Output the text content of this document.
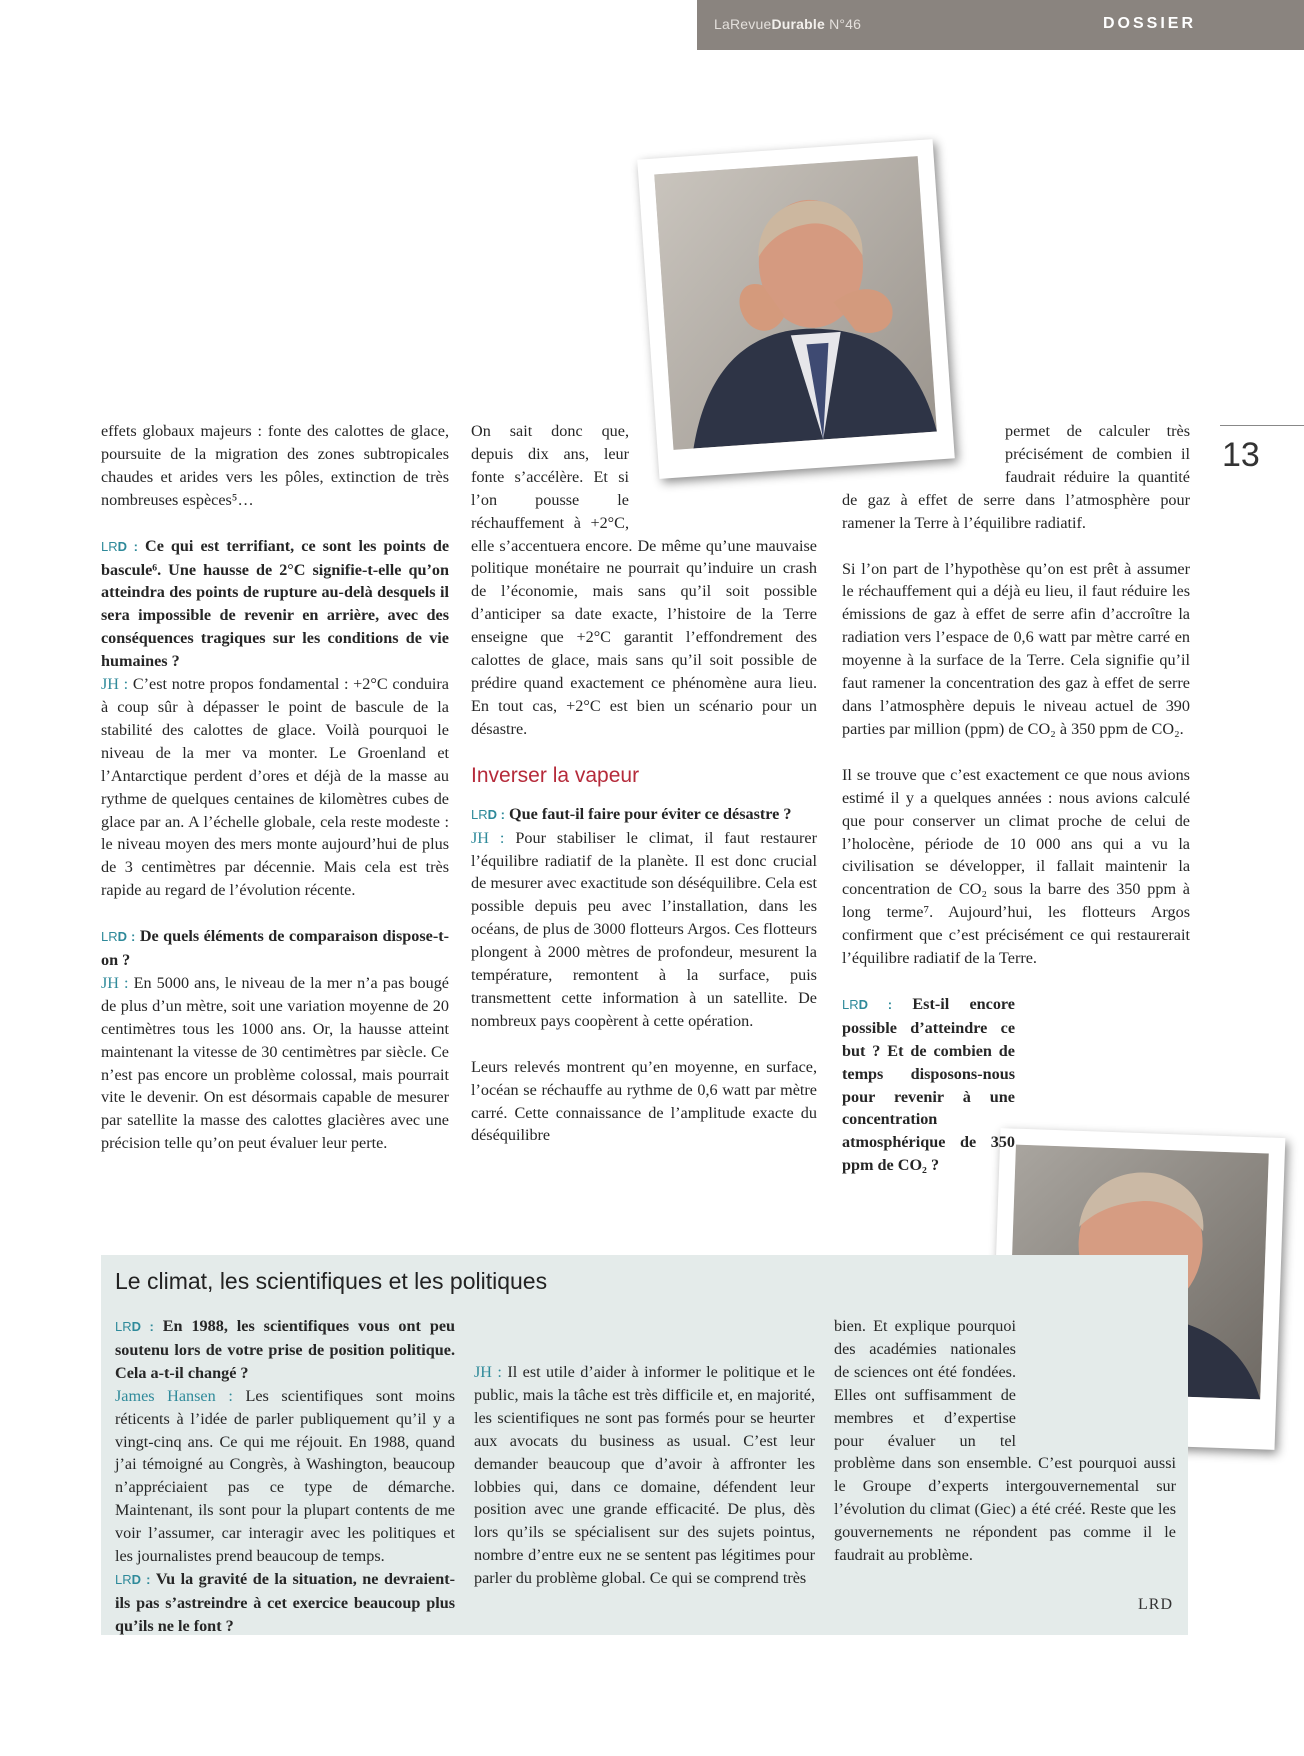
LaRevueDurable N°46	DOSSIER
13

effets globaux majeurs : fonte des calottes de glace, poursuite de la migration des zones subtropicales chaudes et arides vers les pôles, extinction de très nombreuses espèces⁵…

LRD : Ce qui est terrifiant, ce sont les points de bascule⁶. Une hausse de 2°C signifie-t-elle qu’on atteindra des points de rupture au-delà desquels il sera impossible de revenir en arrière, avec des conséquences tragiques sur les conditions de vie humaines ?

JH : C’est notre propos fondamental : +2°C conduira à coup sûr à dépasser le point de bascule de la stabilité des calottes de glace. Voilà pourquoi le niveau de la mer va monter. Le Groenland et l’Antarctique perdent d’ores et déjà de la masse au rythme de quelques centaines de kilomètres cubes de glace par an. A l’échelle globale, cela reste modeste : le niveau moyen des mers monte aujourd’hui de plus de 3 centimètres par décennie. Mais cela est très rapide au regard de l’évolution récente.

LRD : De quels éléments de comparaison dispose-t-on ?

JH : En 5000 ans, le niveau de la mer n’a pas bougé de plus d’un mètre, soit une variation moyenne de 20 centimètres tous les 1000 ans. Or, la hausse atteint maintenant la vitesse de 30 centimètres par siècle. Ce n’est pas encore un problème colossal, mais pourrait vite le devenir. On est désormais capable de mesurer par satellite la masse des calottes glacières avec une précision telle qu’on peut évaluer leur perte.

On sait donc que, depuis dix ans, leur fonte s’accélère. Et si l’on pousse le réchauffement à +2°C, elle s’accentuera encore. De même qu’une mauvaise politique monétaire ne pourrait qu’induire un crash de l’économie, mais sans qu’il soit possible d’anticiper sa date exacte, l’histoire de la Terre enseigne que +2°C garantit l’effondrement des calottes de glace, mais sans qu’il soit possible de prédire quand exactement ce phénomène aura lieu. En tout cas, +2°C est bien un scénario pour un désastre.

Inverser la vapeur

LRD : Que faut-il faire pour éviter ce désastre ?

JH : Pour stabiliser le climat, il faut restaurer l’équilibre radiatif de la planète. Il est donc crucial de mesurer avec exactitude son déséquilibre. Cela est possible depuis peu avec l’installation, dans les océans, de plus de 3000 flotteurs Argos. Ces flotteurs plongent à 2000 mètres de profondeur, mesurent la température, remontent à la surface, puis transmettent cette information à un satellite. De nombreux pays coopèrent à cette opération.

Leurs relevés montrent qu’en moyenne, en surface, l’océan se réchauffe au rythme de 0,6 watt par mètre carré. Cette connaissance de l’amplitude exacte du déséquilibre

permet de calculer très précisément de combien il faudrait réduire la quantité de gaz à effet de serre dans l’atmosphère pour ramener la Terre à l’équilibre radiatif.

Si l’on part de l’hypothèse qu’on est prêt à assumer le réchauffement qui a déjà eu lieu, il faut réduire les émissions de gaz à effet de serre afin d’accroître la radiation vers l’espace de 0,6 watt par mètre carré en moyenne à la surface de la Terre. Cela signifie qu’il faut ramener la concentration des gaz à effet de serre dans l’atmosphère depuis le niveau actuel de 390 parties par million (ppm) de CO₂ à 350 ppm de CO₂.

Il se trouve que c’est exactement ce que nous avions estimé il y a quelques années : nous avions calculé que pour conserver un climat proche de celui de l’holocène, période de 10 000 ans qui a vu la civilisation se développer, il fallait maintenir la concentration de CO₂ sous la barre des 350 ppm à long terme⁷. Aujourd’hui, les flotteurs Argos confirment que c’est précisément ce qui restaurerait l’équilibre radiatif de la Terre.

LRD : Est-il encore possible d’atteindre ce but ? Et de combien de temps disposons-nous pour revenir à une concentration atmosphérique de 350 ppm de CO₂ ?

Le climat, les scientifiques et les politiques

LRD : En 1988, les scientifiques vous ont peu soutenu lors de votre prise de position politique. Cela a-t-il changé ?

James Hansen : Les scientifiques sont moins réticents à l’idée de parler publiquement qu’il y a vingt-cinq ans. Ce qui me réjouit. En 1988, quand j’ai témoigné au Congrès, à Washington, beaucoup n’appréciaient pas ce type de démarche. Maintenant, ils sont pour la plupart contents de me voir l’assumer, car interagir avec les politiques et les journalistes prend beaucoup de temps.

LRD : Vu la gravité de la situation, ne devraient-ils pas s’astreindre à cet exercice beaucoup plus qu’ils ne le font ?

JH : Il est utile d’aider à informer le politique et le public, mais la tâche est très difficile et, en majorité, les scientifiques ne sont pas formés pour se heurter aux avocats du business as usual. C’est leur demander beaucoup que d’avoir à affronter les lobbies qui, dans ce domaine, défendent leur position avec une grande efficacité. De plus, dès lors qu’ils se spécialisent sur des sujets pointus, nombre d’entre eux ne se sentent pas légitimes pour parler du problème global. Ce qui se comprend très

bien. Et explique pourquoi des académies nationales de sciences ont été fondées. Elles ont suffisamment de membres et d’expertise pour évaluer un tel problème dans son ensemble. C’est pourquoi aussi le Groupe d’experts intergouvernemental sur l’évolution du climat (Giec) a été créé. Reste que les gouvernements ne répondent pas comme il le faudrait au problème.

LRD
